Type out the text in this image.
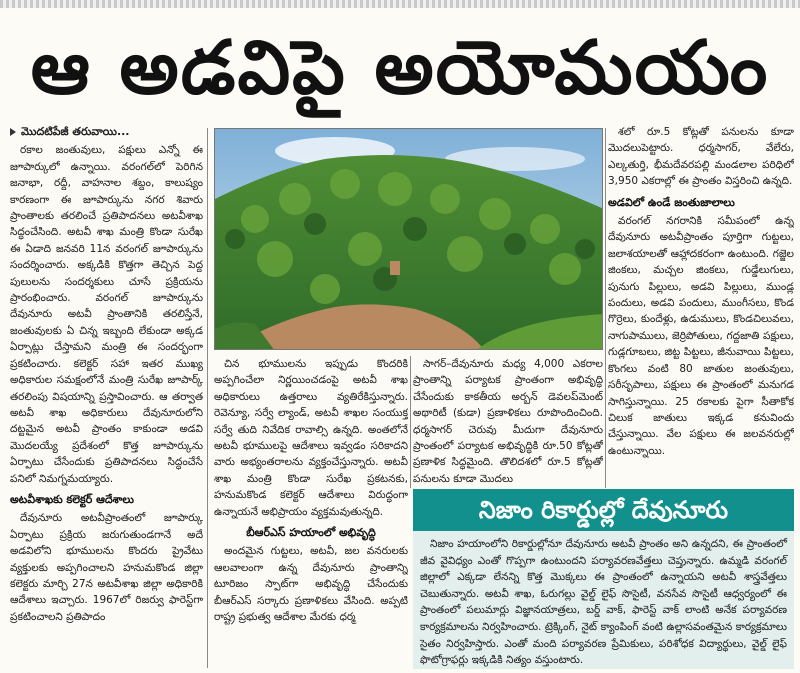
ఆ అడవిపై అయోమయం
మొదటిపేజీ తరువాయి...

రకాల జంతువులు, పక్షులు ఎన్నో ఈ జూపార్కులో ఉన్నాయి. వరంగల్‌లో పెరిగిన జనాభా, రద్దీ, వాహనాల శబ్దం, కాలుష్యం కారణంగా ఈ జూపార్కును నగర శివారు ప్రాంతాలకు తరలించే ప్రతిపాదనలు అటవీశాఖ సిద్ధంచేసింది. అటవీ శాఖ మంత్రి కొండా సురేఖ ఈ ఏడాది జనవరి 11న వరంగల్ జూపార్కును సందర్శించారు. అక్కడికి కొత్తగా తెచ్చిన పెద్ద పులులను సందర్శకులు చూసే ప్రక్రియను ప్రారంభించారు. వరంగల్ జూపార్కును దేవునూరు అటవీ ప్రాంతానికి తరలిస్తేనే, జంతువులకు ఏ చిన్న ఇబ్బంది లేకుండా అక్కడ ఏర్పాట్లు చేస్తామని మంత్రి ఈ సందర్భంగా ప్రకటించారు. కలెక్టర్ సహా ఇతర ముఖ్య అధికారుల సమక్షంలోనే మంత్రి సురేఖ జూపార్క్ తరలింపు విషయాన్ని ప్రస్తావించారు. ఆ తర్వాత అటవీ శాఖ అధికారులు దేవునూరులోని దట్టమైన అటవీ ప్రాంతం కాకుండా అడవి మొదలయ్యే ప్రదేశంలో కొత్త జూపార్కును ఏర్పాటు చేసేందుకు ప్రతిపాదనలు సిద్ధంచేసే పనిలో నిమగ్నమయ్యారు.

అటవీశాఖకు కలెక్టర్ ఆదేశాలు

దేవునూరు అటవీప్రాంతంలో జూపార్కు ఏర్పాటు ప్రక్రియ జరుగుతుండగానే అదే అడవిలోని భూములను కొందరు ప్రైవేటు వ్యక్తులకు అప్పగించాలని హనుమకొండ జిల్లా కలెక్టరు మార్చి 27న అటవీశాఖ జిల్లా అధికారికి ఆదేశాలు ఇచ్చారు. 1967లో రిజర్వు ఫారెస్ట్‌గా ప్రకటించాలని ప్రతిపాదం

చిన భూములను ఇప్పుడు కొందరికి అప్పగించేలా నిర్ణయించడంపై అటవీ శాఖ అధికారులు ఉత్తరాలు వ్యతిరేకిస్తున్నారు. రెవెన్యూ, సర్వే ల్యాండ్, అటవీ శాఖల సంయుక్త సర్వే తుది నివేదిక రావాల్సి ఉన్నది. అంతలోనే అటవీ భూములపై ఆదేశాలు ఇవ్వడం సరికాదని వారు అభ్యంతరాలను వ్యక్తంచేస్తున్నారు. అటవీ శాఖ మంత్రి కొండా సురేఖ ప్రకటనకు, హనుమకొండ కలెక్టర్ ఆదేశాలు విరుద్ధంగా ఉన్నాయనే అభిప్రాయం వ్యక్తమవుతున్నది.

బీఆర్‌ఎస్ హయాంలో అభివృద్ధి

అందమైన గుట్టలు, అటవీ, జల వనరులకు ఆలవాలంగా ఉన్న దేవునూరు ప్రాంతాన్ని టూరిజం స్పాట్‌గా అభివృద్ధి చేసేందుకు బీఆర్‌ఎస్ సర్కారు ప్రణాళికలు వేసింది. అప్పటి రాష్ట్ర ప్రభుత్వ ఆదేశాల మేరకు ధర్మ

సాగర్–దేవునూరు మధ్య 4,000 ఎకరాల ప్రాంతాన్ని పర్యాటక ప్రాంతంగా అభివృద్ధి చేసేందుకు కాకతీయ అర్బన్ డెవలప్‌మెంట్ అథారిటీ (కుడా) ప్రణాళికలు రూపొందించింది. ధర్మసాగర్ చెరువు మీదుగా దేవునూరు ప్రాంతంలో పర్యాటక అభివృద్ధికి రూ.50 కోట్లతో ప్రణాళిక సిద్ధమైంది. తొలిదశలో రూ.5 కోట్లతో పనులను కూడా మొదలు

శలో రూ.5 కోట్లతో పనులను కూడా మొదలుపెట్టారు. ధర్మసాగర్, వేలేరు, ఎల్కతుర్తి, భీమదేవరపల్లి మండలాల పరిధిలో 3,950 ఎకరాల్లో ఈ ప్రాంతం విస్తరించి ఉన్నది.

అడవిలో ఉండే జంతుజాలాలు

వరంగల్ నగరానికి సమీపంలో ఉన్న దేవునూరు అటవీప్రాంతం పూర్తిగా గుట్టలు, జలాశయాలతో ఆహ్లాదకరంగా ఉంటుంది. గజ్జెల జింకలు, మచ్చల జింకలు, గుడ్డేలుగులు, పునుగు పిల్లులు, అడవి పిల్లులు, ముండ్ల పందులు, అడవి పందులు, ముంగీసలు, కొండ గొర్రెలు, కుందేళ్లు, ఉడుములు, కొండచిలువలు, నాగుపాములు, జెర్రిపోతులు, గద్దజాతి పక్షులు, గుడ్లగూబలు, జిట్ట పిట్టలు, జీనువాయి పిట్టలు, కొంగలు వంటి 80 జాతుల జంతువులు, సరీసృపాలు, పక్షులు ఈ ప్రాంతంలో మనుగడ సాగిస్తున్నాయి. 25 రకాలకు పైగా సీతాకోక చిలుక జాతులు ఇక్కడ కనువిందు చేస్తున్నాయి. వేల పక్షులు ఈ జలవనరుల్లో ఉంటున్నాయి.

నిజాం రికార్డుల్లో దేవునూరు

నిజాం హయాంలోని రికార్డుల్లోనూ దేవునూరు అటవీ ప్రాంతం అని ఉన్నదని, ఈ ప్రాంతంలో జీవ వైవిధ్యం ఎంతో గొప్పగా ఉంటుందని పర్యావరణవేత్తలు చెప్తున్నారు. ఉమ్మడి వరంగల్ జిల్లాలో ఎక్కడా లేనన్ని కొత్త మొక్కలు ఈ ప్రాంతంలో ఉన్నాయని అటవీ శాస్త్రవేత్తలు చెబుతున్నారు. అటవీ శాఖ, ఓరుగల్లు వైల్డ్ లైఫ్ సొసైటీ, వనసేవ సొసైటీ ఆధ్వర్యంలో ఈ ప్రాంతంలో పలుమార్లు విజ్ఞానయాత్రలు, బర్డ్ వాక్, ఫారెస్ట్ వాక్ లాంటి అనేక పర్యావరణ కార్యక్రమాలను నిర్వహించారు. ట్రెక్కింగ్, నైట్ క్యాంపింగ్ వంటి ఉల్లాసవంతమైన కార్యక్రమాలు సైతం నిర్వహిస్తారు. ఎంతో మంది పర్యావరణ ప్రేమికులు, పరిశోధక విద్యార్థులు, వైల్డ్ లైఫ్ ఫొటోగ్రాఫర్లు ఇక్కడికి నిత్యం వస్తుంటారు.
